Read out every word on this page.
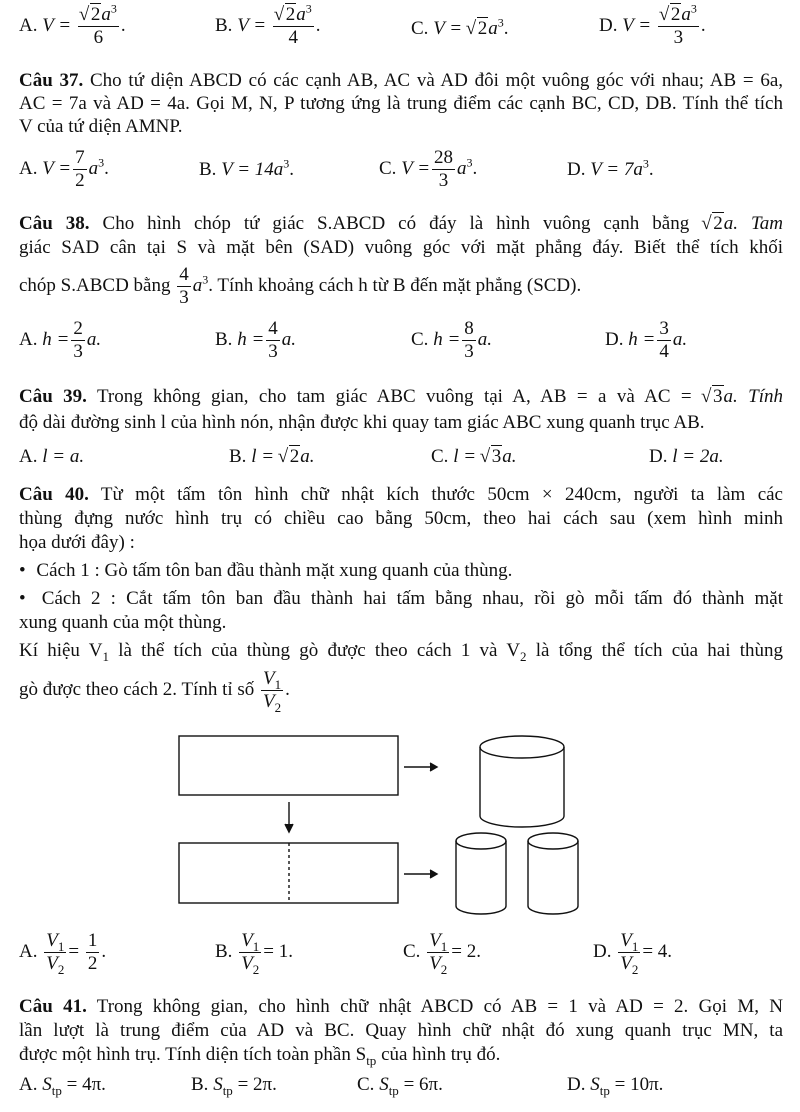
A. V = √ $\frac{2a^3}{6}$ .	B. V = √ $\frac{2a^3}{4}$ .	C. V = √ $2a^3$.	D. V = √ $\frac{2a^3}{3}$ .
Câu 37. Cho tứ diện ABCD có các cạnh AB, AC và AD đôi một vuông góc với nhau; AB = 6a,
AC = 7a và AD = 4a. Gọi M, N, P tương ứng là trung điểm các cạnh BC, CD, DB. Tính thể tích
V của tứ diện AMNP.
A. $V = \frac{7}{2} a^3$.	B. $V = 14a^3$.	C. $V = \frac{28}{3} a^3$.	D. $V = 7a^3$.
Câu 38. Cho hình chóp tứ giác S.ABCD có đáy là hình vuông cạnh bằng √ 2a. Tam
giác SAD cân tại S và mặt bên (SAD) vuông góc với mặt phẳng đáy. Biết thể tích khối
chóp S.ABCD bằng $\frac{4}{3} a^3$. Tính khoảng cách h từ B đến mặt phẳng (SCD).
A. $h = \frac{2}{3} a$.	B. $h = \frac{4}{3} a$.	C. $h = \frac{8}{3} a$.	D. $h = \frac{3}{4} a$.
Câu 39. Trong không gian, cho tam giác ABC vuông tại A, AB = a và AC = √ 3a. Tính
độ dài đường sinh l của hình nón, nhận được khi quay tam giác ABC xung quanh trục AB.
A. l = a.	B. l = √ 2a.	C. l = √ 3a.	D. l = 2a.
Câu 40. Từ một tấm tôn hình chữ nhật kích thước 50cm × 240cm, người ta làm các
thùng đựng nước hình trụ có chiều cao bằng 50cm, theo hai cách sau (xem hình minh
họa dưới đây) :
• Cách 1 : Gò tấm tôn ban đầu thành mặt xung quanh của thùng.
• Cách 2 : Cắt tấm tôn ban đầu thành hai tấm bằng nhau, rồi gò mỗi tấm đó thành mặt
xung quanh của một thùng.
Kí hiệu $V_1$ là thể tích của thùng gò được theo cách 1 và $V_2$ là tổng thể tích của hai thùng
gò được theo cách 2. Tính tỉ số $\frac{V_1}{V_2}$ .
A. $\frac{V_1}{V_2} = \frac{1}{2}$ .	B. $\frac{V_1}{V_2} = 1$.	C. $\frac{V_1}{V_2} = 2$.	D. $\frac{V_1}{V_2} = 4$.
Câu 41. Trong không gian, cho hình chữ nhật ABCD có AB = 1 và AD = 2. Gọi M, N
lần lượt là trung điểm của AD và BC. Quay hình chữ nhật đó xung quanh trục MN, ta
được một hình trụ. Tính diện tích toàn phần $S_{tp}$ của hình trụ đó.
A. $S_{tp} = 4\pi$.	B. $S_{tp} = 2\pi$.	C. $S_{tp} = 6\pi$.	D. $S_{tp} = 10\pi$.
